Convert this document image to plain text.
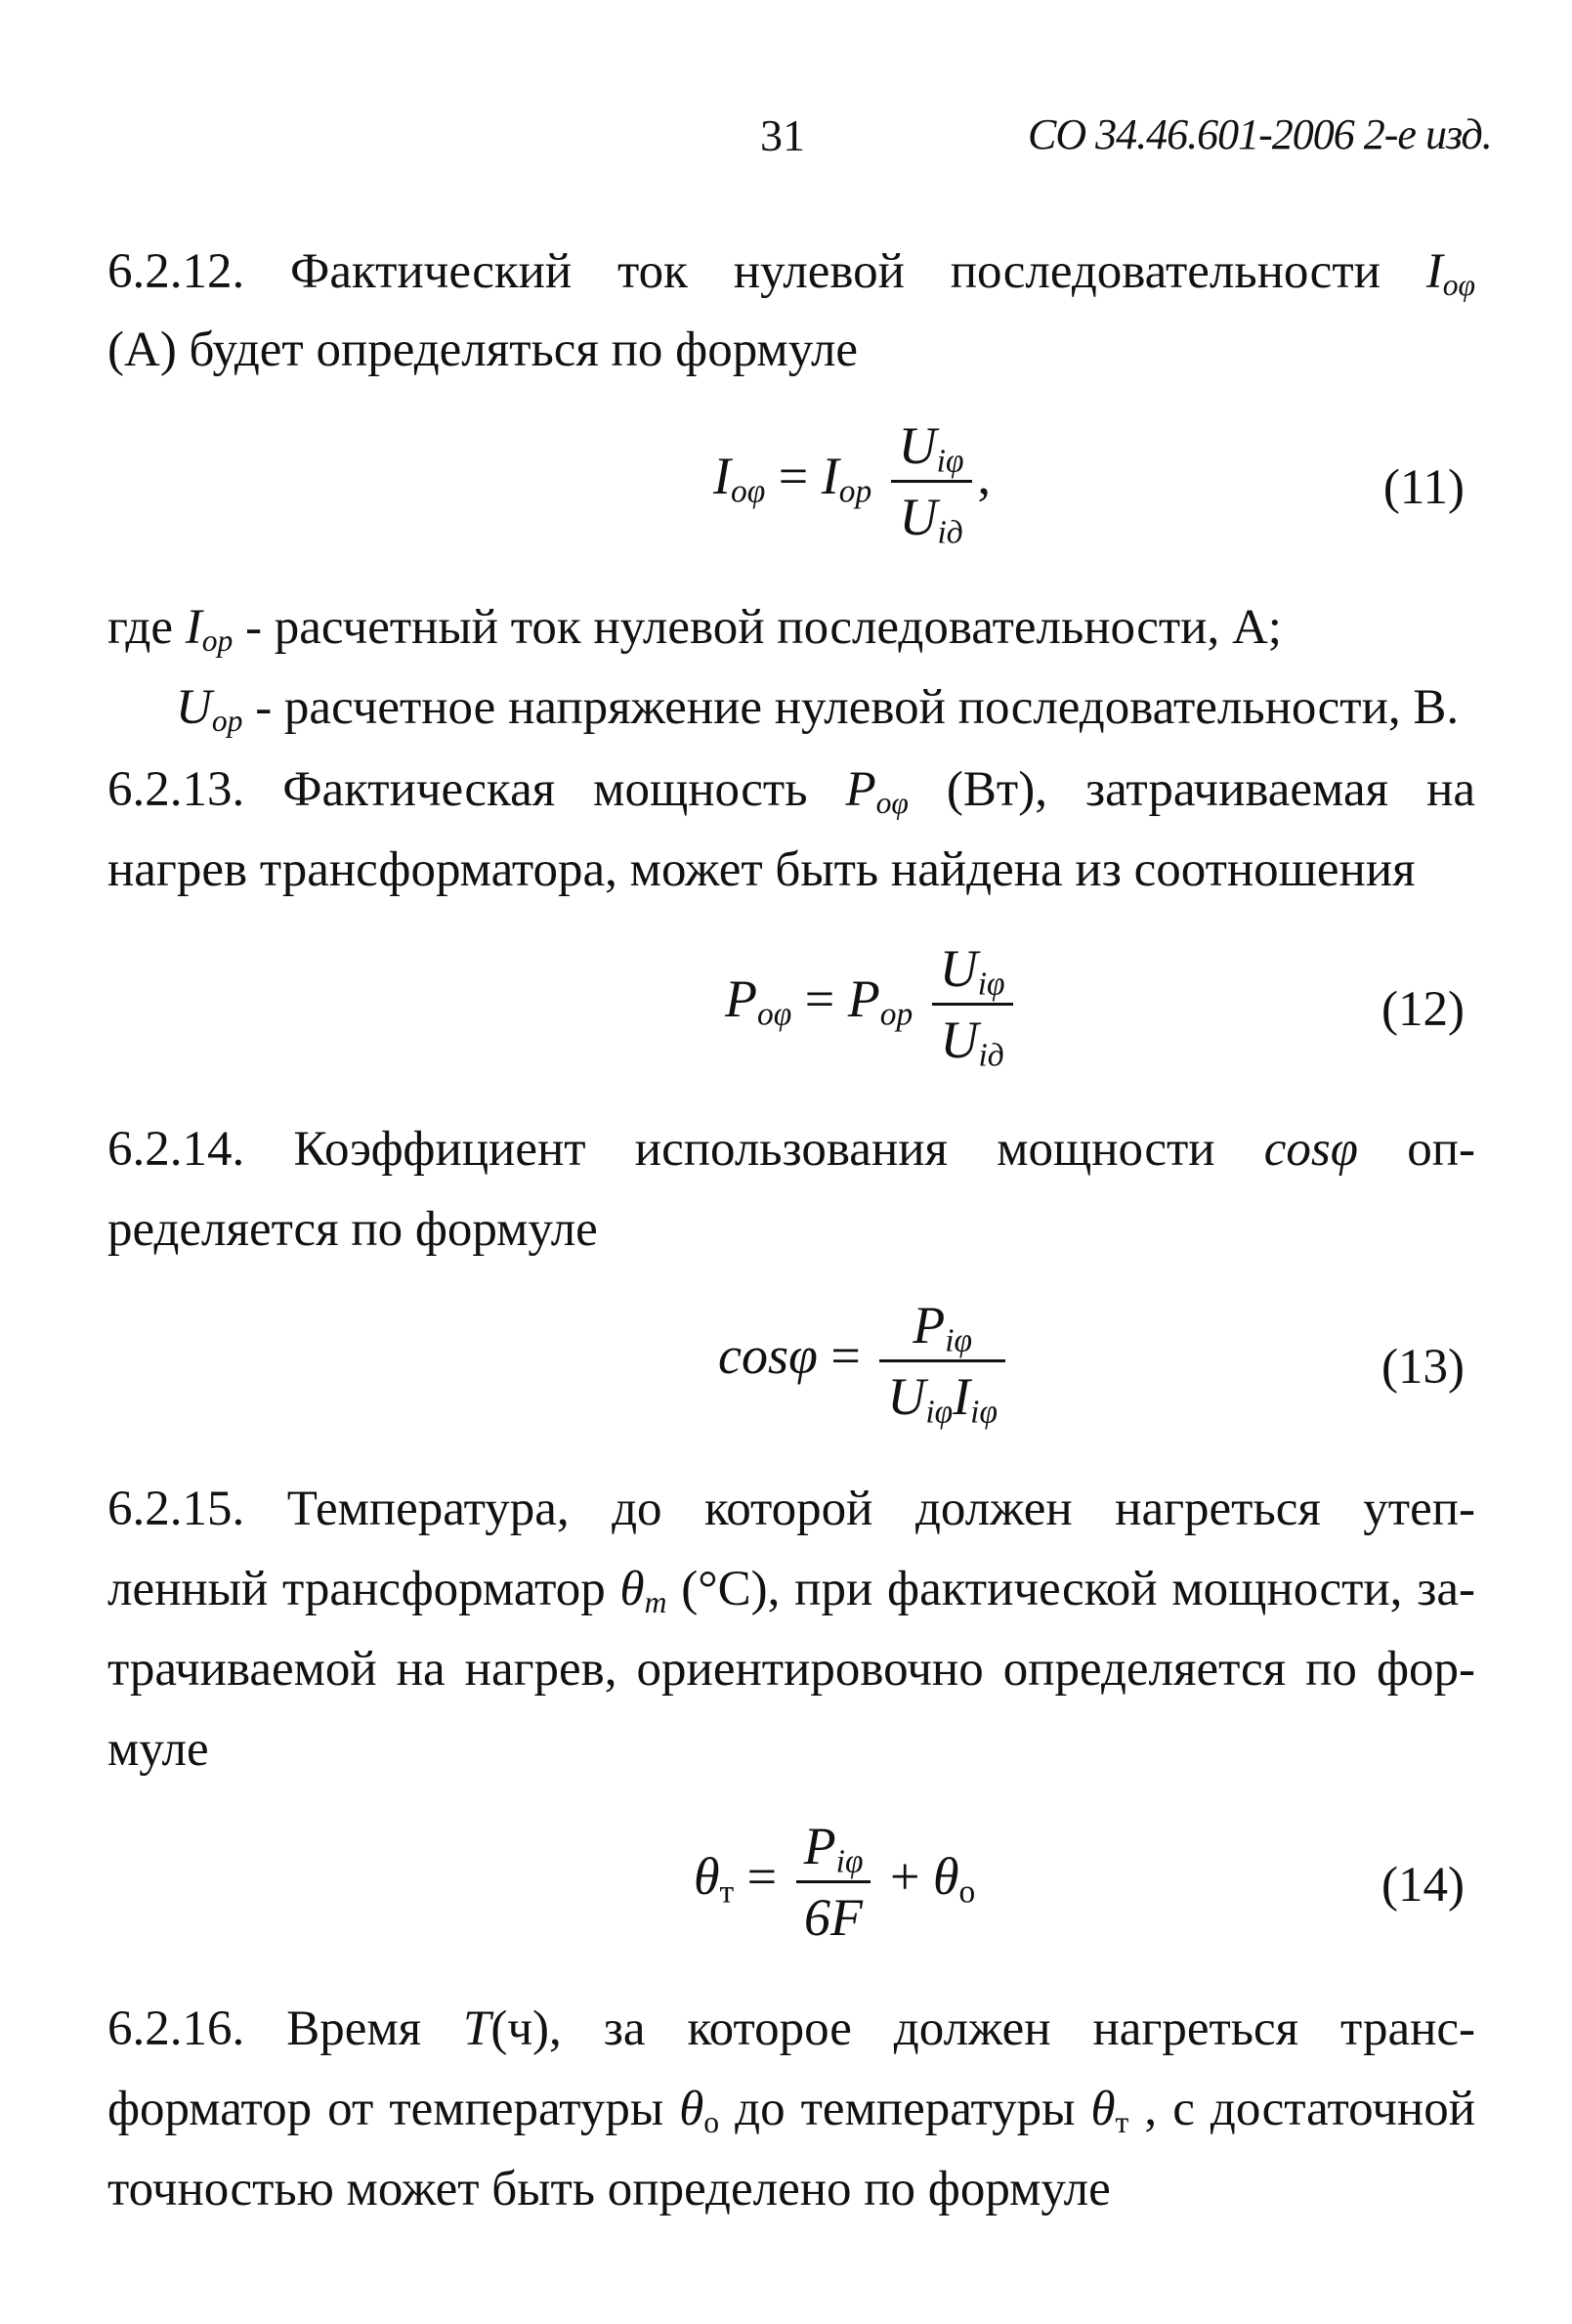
31	СО 34.46.601-2006 2-е изд.
6.2.12. Фактический ток нулевой последовательности $I_{o\varphi}$
(А) будет определяться по формуле
$I_{o\varphi} = I_{op} \frac{U_{i\varphi}}{U_{iд}}$ ,	(11)
где $I_{op}$ - расчетный ток нулевой последовательности, А;
$U_{op}$ - расчетное напряжение нулевой последовательности, В.
6.2.13. Фактическая мощность $P_{o\varphi}$ (Вт), затрачиваемая на
нагрев трансформатора, может быть найдена из соотношения
$P_{o\varphi} = P_{op} \frac{U_{i\varphi}}{U_{iд}}$	(12)
6.2.14. Коэффициент использования мощности cosφ оп-
ределяется по формуле
$\cos\varphi = \frac{P_{i\varphi}}{U_{i\varphi}I_{i\varphi}}$	(13)
6.2.15. Температура, до которой должен нагреться утеп-
ленный трансформатор $\theta_т$ (°С), при фактической мощности, за-
трачиваемой на нагрев, ориентировочно определяется по фор-
муле
$\theta_т = \frac{P_{i\varphi}}{6F} + \theta_o$	(14)
6.2.16. Время T(ч), за которое должен нагреться транс-
форматор от температуры $\theta_o$ до температуры $\theta_т$ , с достаточной
точностью может быть определено по формуле
